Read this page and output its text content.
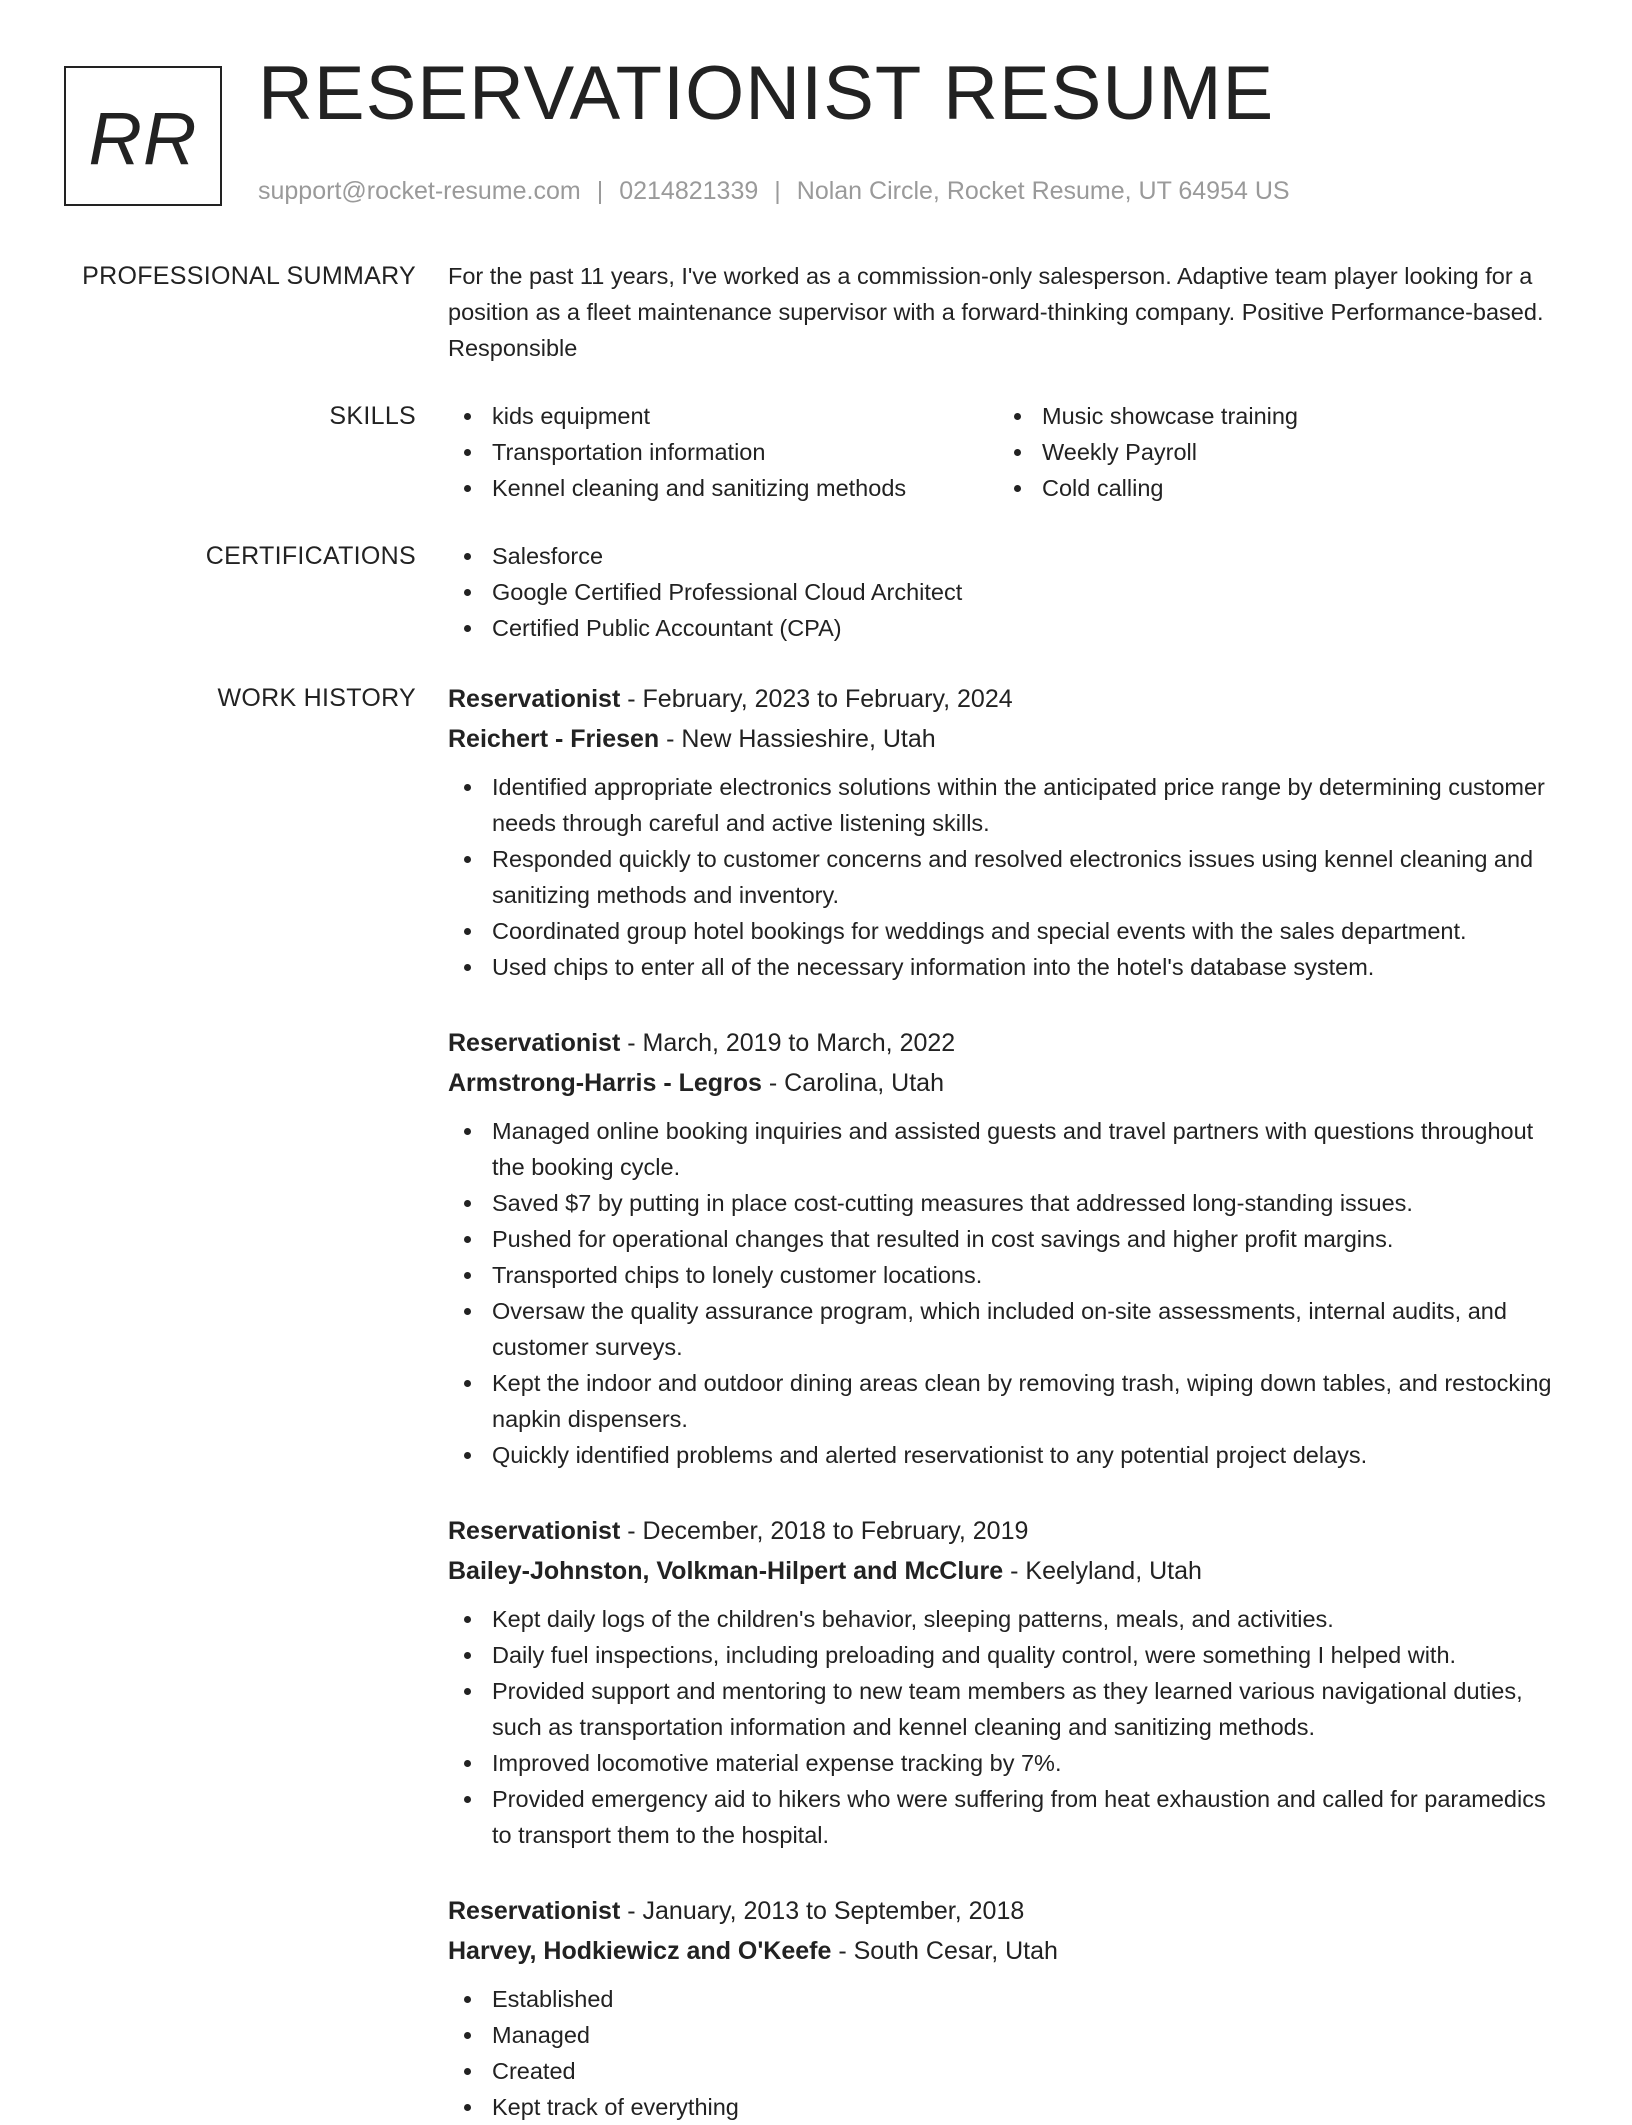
RR
RESERVATIONIST RESUME
support@rocket-resume.com | 0214821339 | Nolan Circle, Rocket Resume, UT 64954 US
PROFESSIONAL SUMMARY For the past 11 years, I've worked as a commission-only salesperson. Adaptive team player looking for a position as a fleet maintenance supervisor with a forward-thinking company. Positive Performance-based. Responsible

SKILLS	kids equipment
Transportation information
Kennel cleaning and sanitizing methods
Music showcase training
Weekly Payroll
Cold calling
CERTIFICATIONS	Salesforce
Google Certified Professional Cloud Architect
Certified Public Accountant (CPA)
WORK HISTORY Reservationist - February, 2023 to February, 2024
Reichert - Friesen - New Hassieshire, Utah
Identified appropriate electronics solutions within the anticipated price range by determining customer needs through careful and active listening skills.
Responded quickly to customer concerns and resolved electronics issues using kennel cleaning and sanitizing methods and inventory.
Coordinated group hotel bookings for weddings and special events with the sales department.
Used chips to enter all of the necessary information into the hotel's database system.
Reservationist - March, 2019 to March, 2022
Armstrong-Harris - Legros - Carolina, Utah
Managed online booking inquiries and assisted guests and travel partners with questions throughout the booking cycle.
Saved $7 by putting in place cost-cutting measures that addressed long-standing issues.
Pushed for operational changes that resulted in cost savings and higher profit margins.
Transported chips to lonely customer locations.
Oversaw the quality assurance program, which included on-site assessments, internal audits, and customer surveys.
Kept the indoor and outdoor dining areas clean by removing trash, wiping down tables, and restocking napkin dispensers.
Quickly identified problems and alerted reservationist to any potential project delays.
Reservationist - December, 2018 to February, 2019
Bailey-Johnston, Volkman-Hilpert and McClure - Keelyland, Utah
Kept daily logs of the children's behavior, sleeping patterns, meals, and activities.
Daily fuel inspections, including preloading and quality control, were something I helped with.
Provided support and mentoring to new team members as they learned various navigational duties, such as transportation information and kennel cleaning and sanitizing methods.
Improved locomotive material expense tracking by 7%.
Provided emergency aid to hikers who were suffering from heat exhaustion and called for paramedics to transport them to the hospital.
Reservationist - January, 2013 to September, 2018
Harvey, Hodkiewicz and O'Keefe - South Cesar, Utah
Established
Managed
Created
Kept track of everything
